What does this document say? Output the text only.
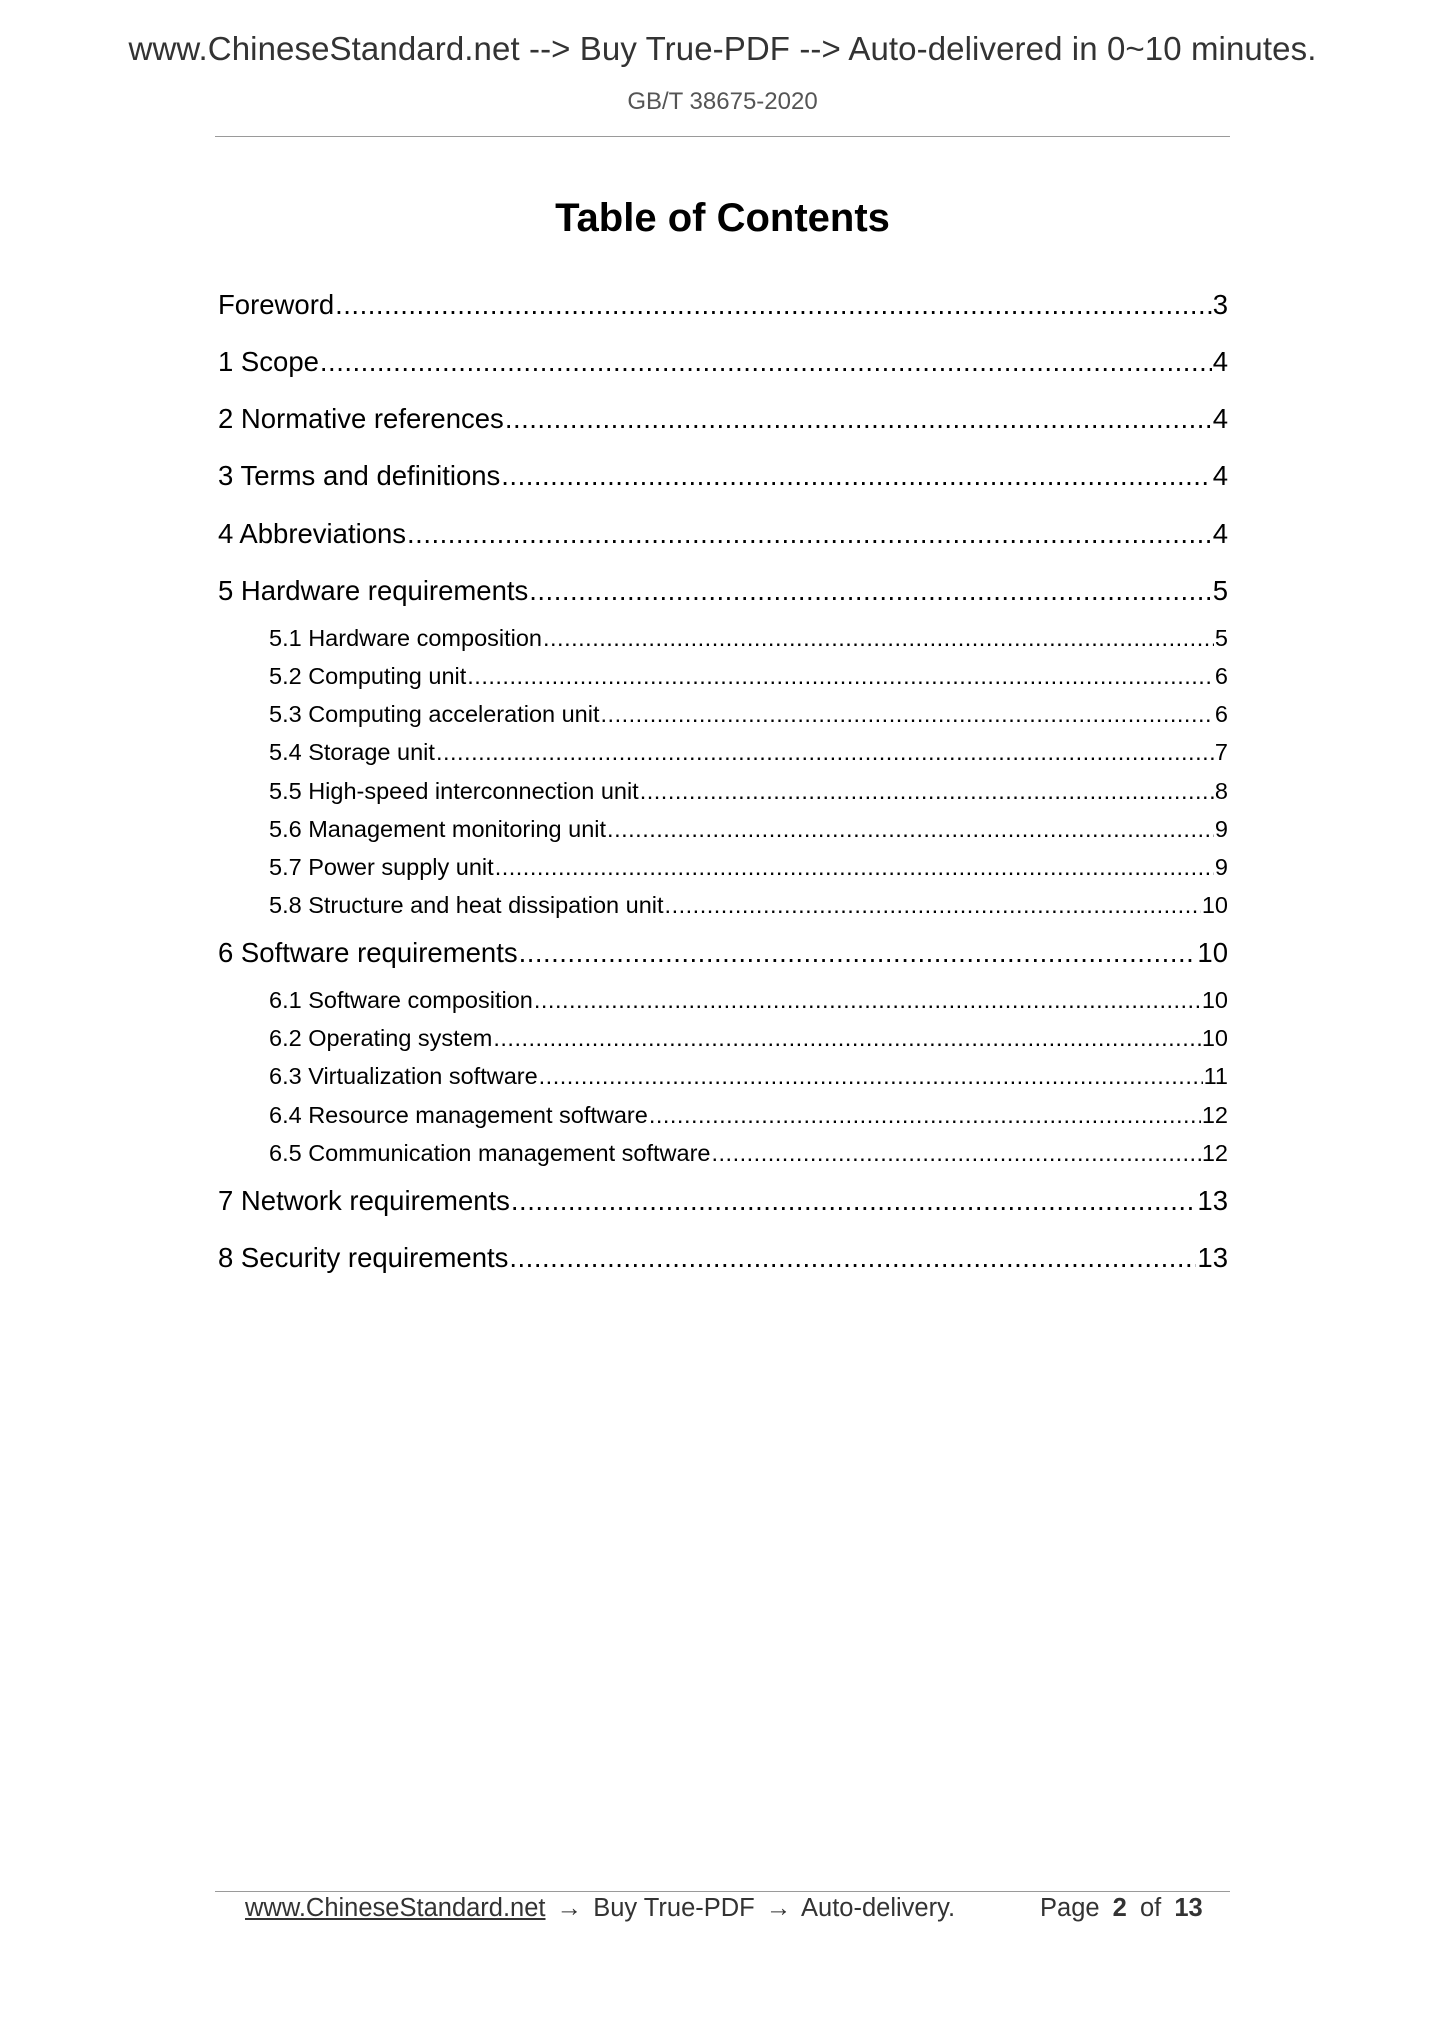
www.ChineseStandard.net --> Buy True-PDF --> Auto-delivered in 0~10 minutes.
GB/T 38675-2020
Table of Contents
Foreword .....	3
1 Scope .....	4
2 Normative references .....	4
3 Terms and definitions .....	4
4 Abbreviations .....	4
5 Hardware requirements .....	5
5.1 Hardware composition .....	5
5.2 Computing unit .....	6
5.3 Computing acceleration unit .....	6
5.4 Storage unit .....	7
5.5 High-speed interconnection unit .....	8
5.6 Management monitoring unit .....	9
5.7 Power supply unit .....	9
5.8 Structure and heat dissipation unit .....	10
6 Software requirements .....	10
6.1 Software composition .....	10
6.2 Operating system .....	10
6.3 Virtualization software .....	11
6.4 Resource management software .....	12
6.5 Communication management software .....	12
7 Network requirements .....	13
8 Security requirements .....	13
www.ChineseStandard.net → Buy True-PDF → Auto-delivery.	Page 2 of 13
